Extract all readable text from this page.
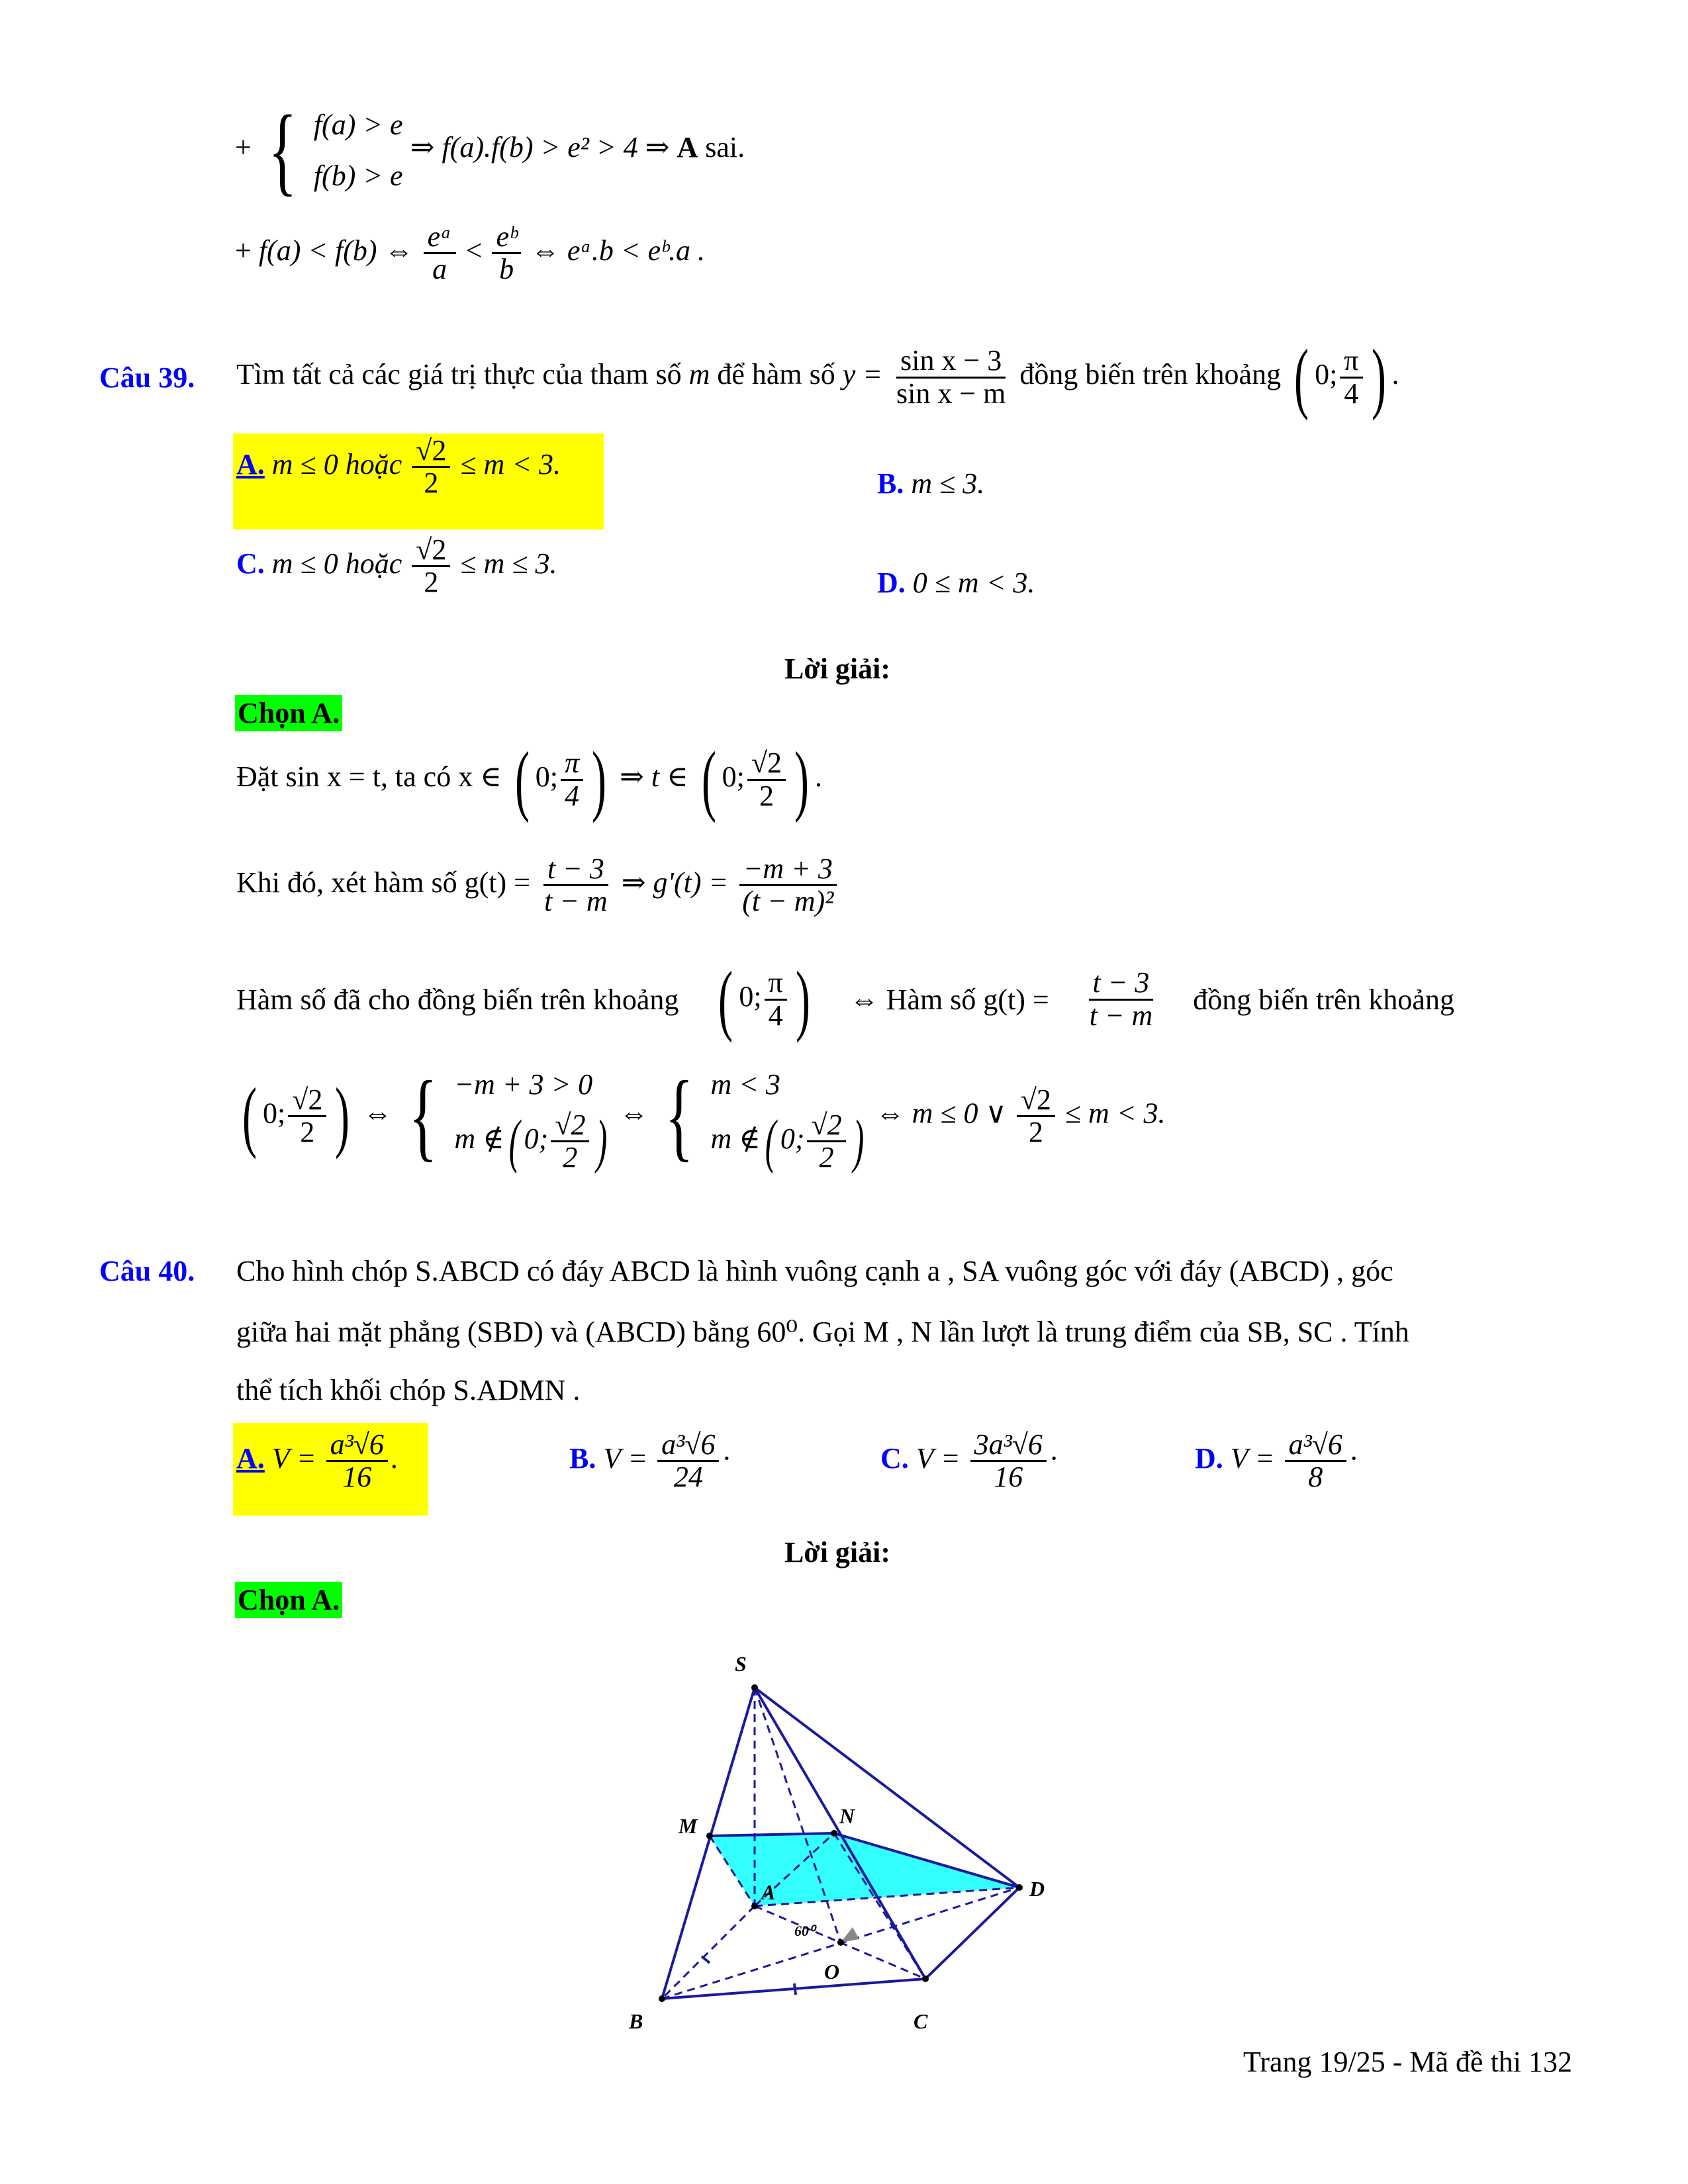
+ { f(a) > e
f(b) > e
⇒ f(a).f(b) > e² > 4 ⇒ A sai.
+ f(a) < f(b) ⇔ $\frac{\text{eᵃ}}{a} < \frac{\text{eᵇ}}{b}$ ⇔ eᵃ.b < eᵇ.a .
Câu 39. Tìm tất cả các giá trị thực của tham số m để hàm số $y = \frac{\text{sin x − 3}}{\text{sin x − m}}$ đồng biến trên khoảng ( 0; $\frac{\pi}{4}$ ) .
A. m ≤ 0 hoặc $\frac{√2}{2} \le m < 3$.
B. m ≤ 3.
C. m ≤ 0 hoặc $\frac{√2}{2} \le m \le 3$.
D. 0 ≤ m < 3.
Lời giải:
Chọn A.
Đặt sin x = t, ta có x ∈ ( 0; $\frac{\pi}{4}$ ) ⇒ t ∈ ( 0; $\frac{√2}{2}$ ) .
Khi đó, xét hàm số $g(t) = \frac{t - 3}{t - m}$ ⇒ $g'(t) = \frac{-m + 3}{\text{(t − m)²}}$
Hàm số đã cho đồng biến trên khoảng ( 0; $\frac{\pi}{4}$ ) ⇔ Hàm số $g(t) = \frac{t - 3}{t - m}$ đồng biến trên khoảng
( 0; $\frac{√2}{2}$ ) ⇔ { −m + 3 > 0
m ∉( 0; $\frac{√2}{2}$ ) ⇔ { m < 3
m ∉( 0; $\frac{√2}{2}$ ) ⇔ m ≤ 0 ∨ $\frac{√2}{2} \le m < 3$.
Câu 40. Cho hình chóp S.ABCD có đáy ABCD là hình vuông cạnh a , SA vuông góc với đáy (ABCD) , góc
giữa hai mặt phẳng (SBD) và (ABCD) bằng 60⁰. Gọi M , N lần lượt là trung điểm của SB, SC . Tính
thể tích khối chóp S.ADMN .
A. $V = \frac{\text{a³√6}}{16}$ .	B. $V = \frac{\text{a³√6}}{24}$ ·	C. $V = \frac{\text{3a³√6}}{16}$ ·	D. $V = \frac{\text{a³√6}}{8}$ ·
Lời giải:
Chọn A.
S
M	N
A	D
B	C
O
60⁰
Trang 19/25 - Mã đề thi 132
